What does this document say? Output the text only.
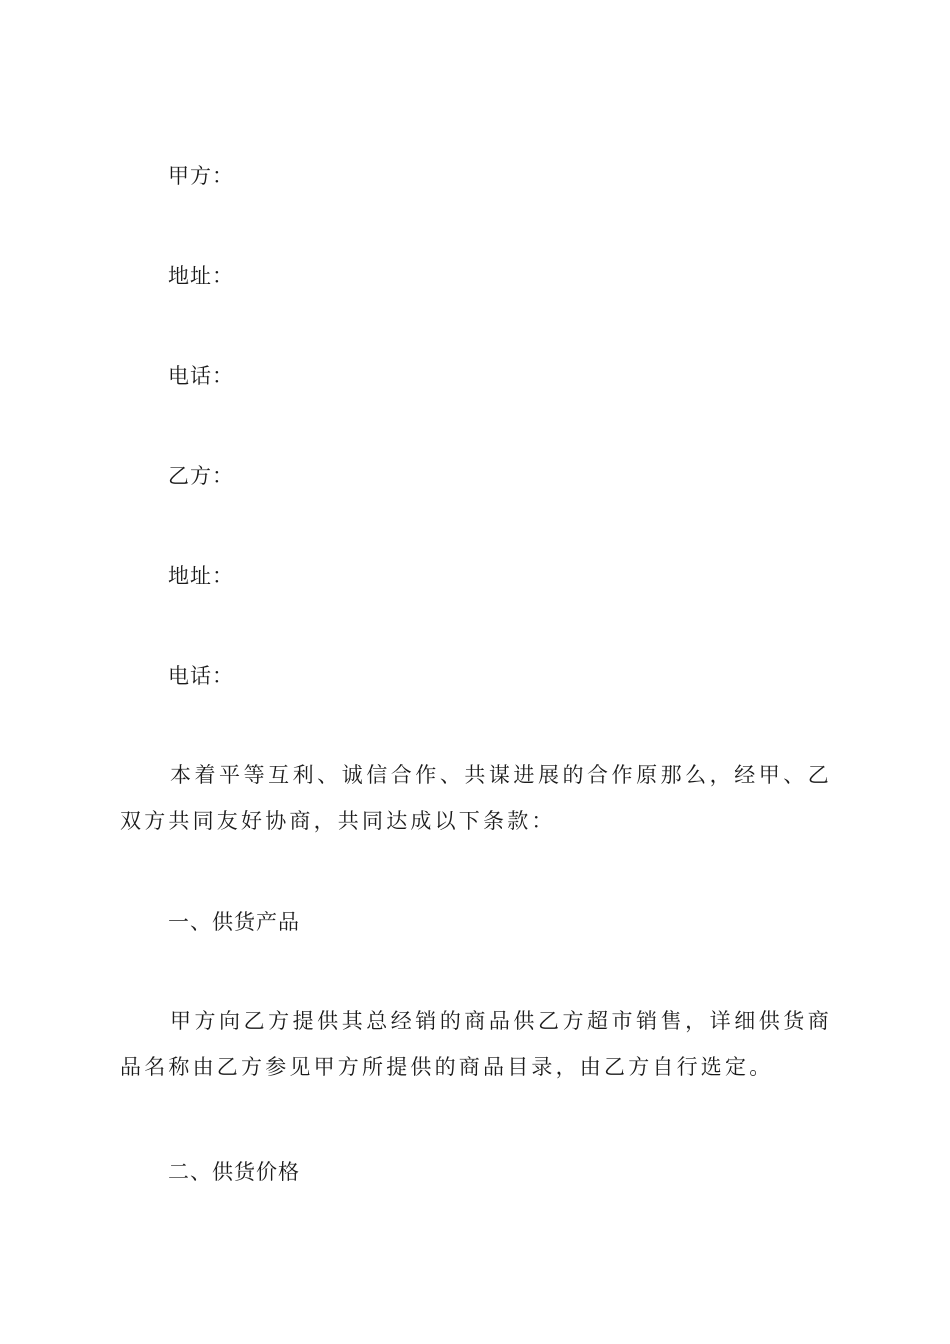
甲方：
地址：
电话：
乙方：
地址：
电话：
本着平等互利、诚信合作、共谋进展的合作原那么，经甲、乙双方共同友好协商，共同达成以下条款：
一、供货产品
甲方向乙方提供其总经销的商品供乙方超市销售，详细供货商品名称由乙方参见甲方所提供的商品目录，由乙方自行选定。
二、供货价格
